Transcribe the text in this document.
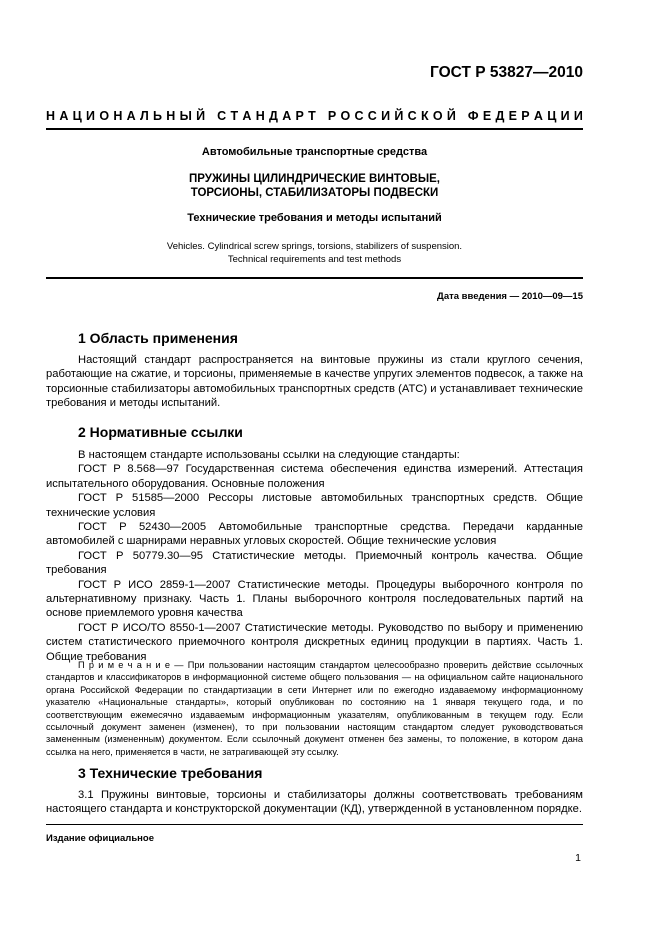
ГОСТ Р 53827—2010
Н А Ц И О Н А Л Ь Н Ы Й
С Т А Н Д А Р Т
Р О С С И Й С К О Й
Ф Е Д Е Р А Ц И И
Автомобильные транспортные средства
ПРУЖИНЫ ЦИЛИНДРИЧЕСКИЕ ВИНТОВЫЕ, ТОРСИОНЫ, СТАБИЛИЗАТОРЫ ПОДВЕСКИ
Технические требования и методы испытаний
Vehicles. Cylindrical screw springs, torsions, stabilizers of suspension.
Technical requirements and test methods
Дата введения — 2010—09—15
1 Область применения

Настоящий стандарт распространяется на винтовые пружины из стали круглого сечения, работающие на сжатие, и торсионы, применяемые в качестве упругих элементов подвесок, а также на торсионные стабилизаторы автомобильных транспортных средств (АТС) и устанавливает технические требования и методы испытаний.

2 Нормативные ссылки

В настоящем стандарте использованы ссылки на следующие стандарты:

ГОСТ Р 8.568—97 Государственная система обеспечения единства измерений. Аттестация испытательного оборудования. Основные положения

ГОСТ Р 51585—2000 Рессоры листовые автомобильных транспортных средств. Общие технические условия

ГОСТ Р 52430—2005 Автомобильные транспортные средства. Передачи карданные автомобилей с шарнирами неравных угловых скоростей. Общие технические условия

ГОСТ Р 50779.30—95 Статистические методы. Приемочный контроль качества. Общие требования

ГОСТ Р ИСО 2859-1—2007 Статистические методы. Процедуры выборочного контроля по альтернативному признаку. Часть 1. Планы выборочного контроля последовательных партий на основе приемлемого уровня качества

ГОСТ Р ИСО/ТО 8550-1—2007 Статистические методы. Руководство по выбору и применению систем статистического приемочного контроля дискретных единиц продукции в партиях. Часть 1. Общие требования

П р и м е ч а н и е — При пользовании настоящим стандартом целесообразно проверить действие ссылочных стандартов и классификаторов в информационной системе общего пользования — на официальном сайте национального органа Российской Федерации по стандартизации в сети Интернет или по ежегодно издаваемому информационному указателю «Национальные стандарты», который опубликован по состоянию на 1 января текущего года, и по соответствующим ежемесячно издаваемым информационным указателям, опубликованным в текущем году. Если ссылочный документ заменен (изменен), то при пользовании настоящим стандартом следует руководствоваться замененным (измененным) документом. Если ссылочный документ отменен без замены, то положение, в котором дана ссылка на него, применяется в части, не затрагивающей эту ссылку.

3 Технические требования

3.1 Пружины винтовые, торсионы и стабилизаторы должны соответствовать требованиям настоящего стандарта и конструкторской документации (КД), утвержденной в установленном порядке.

Издание официальное
1
